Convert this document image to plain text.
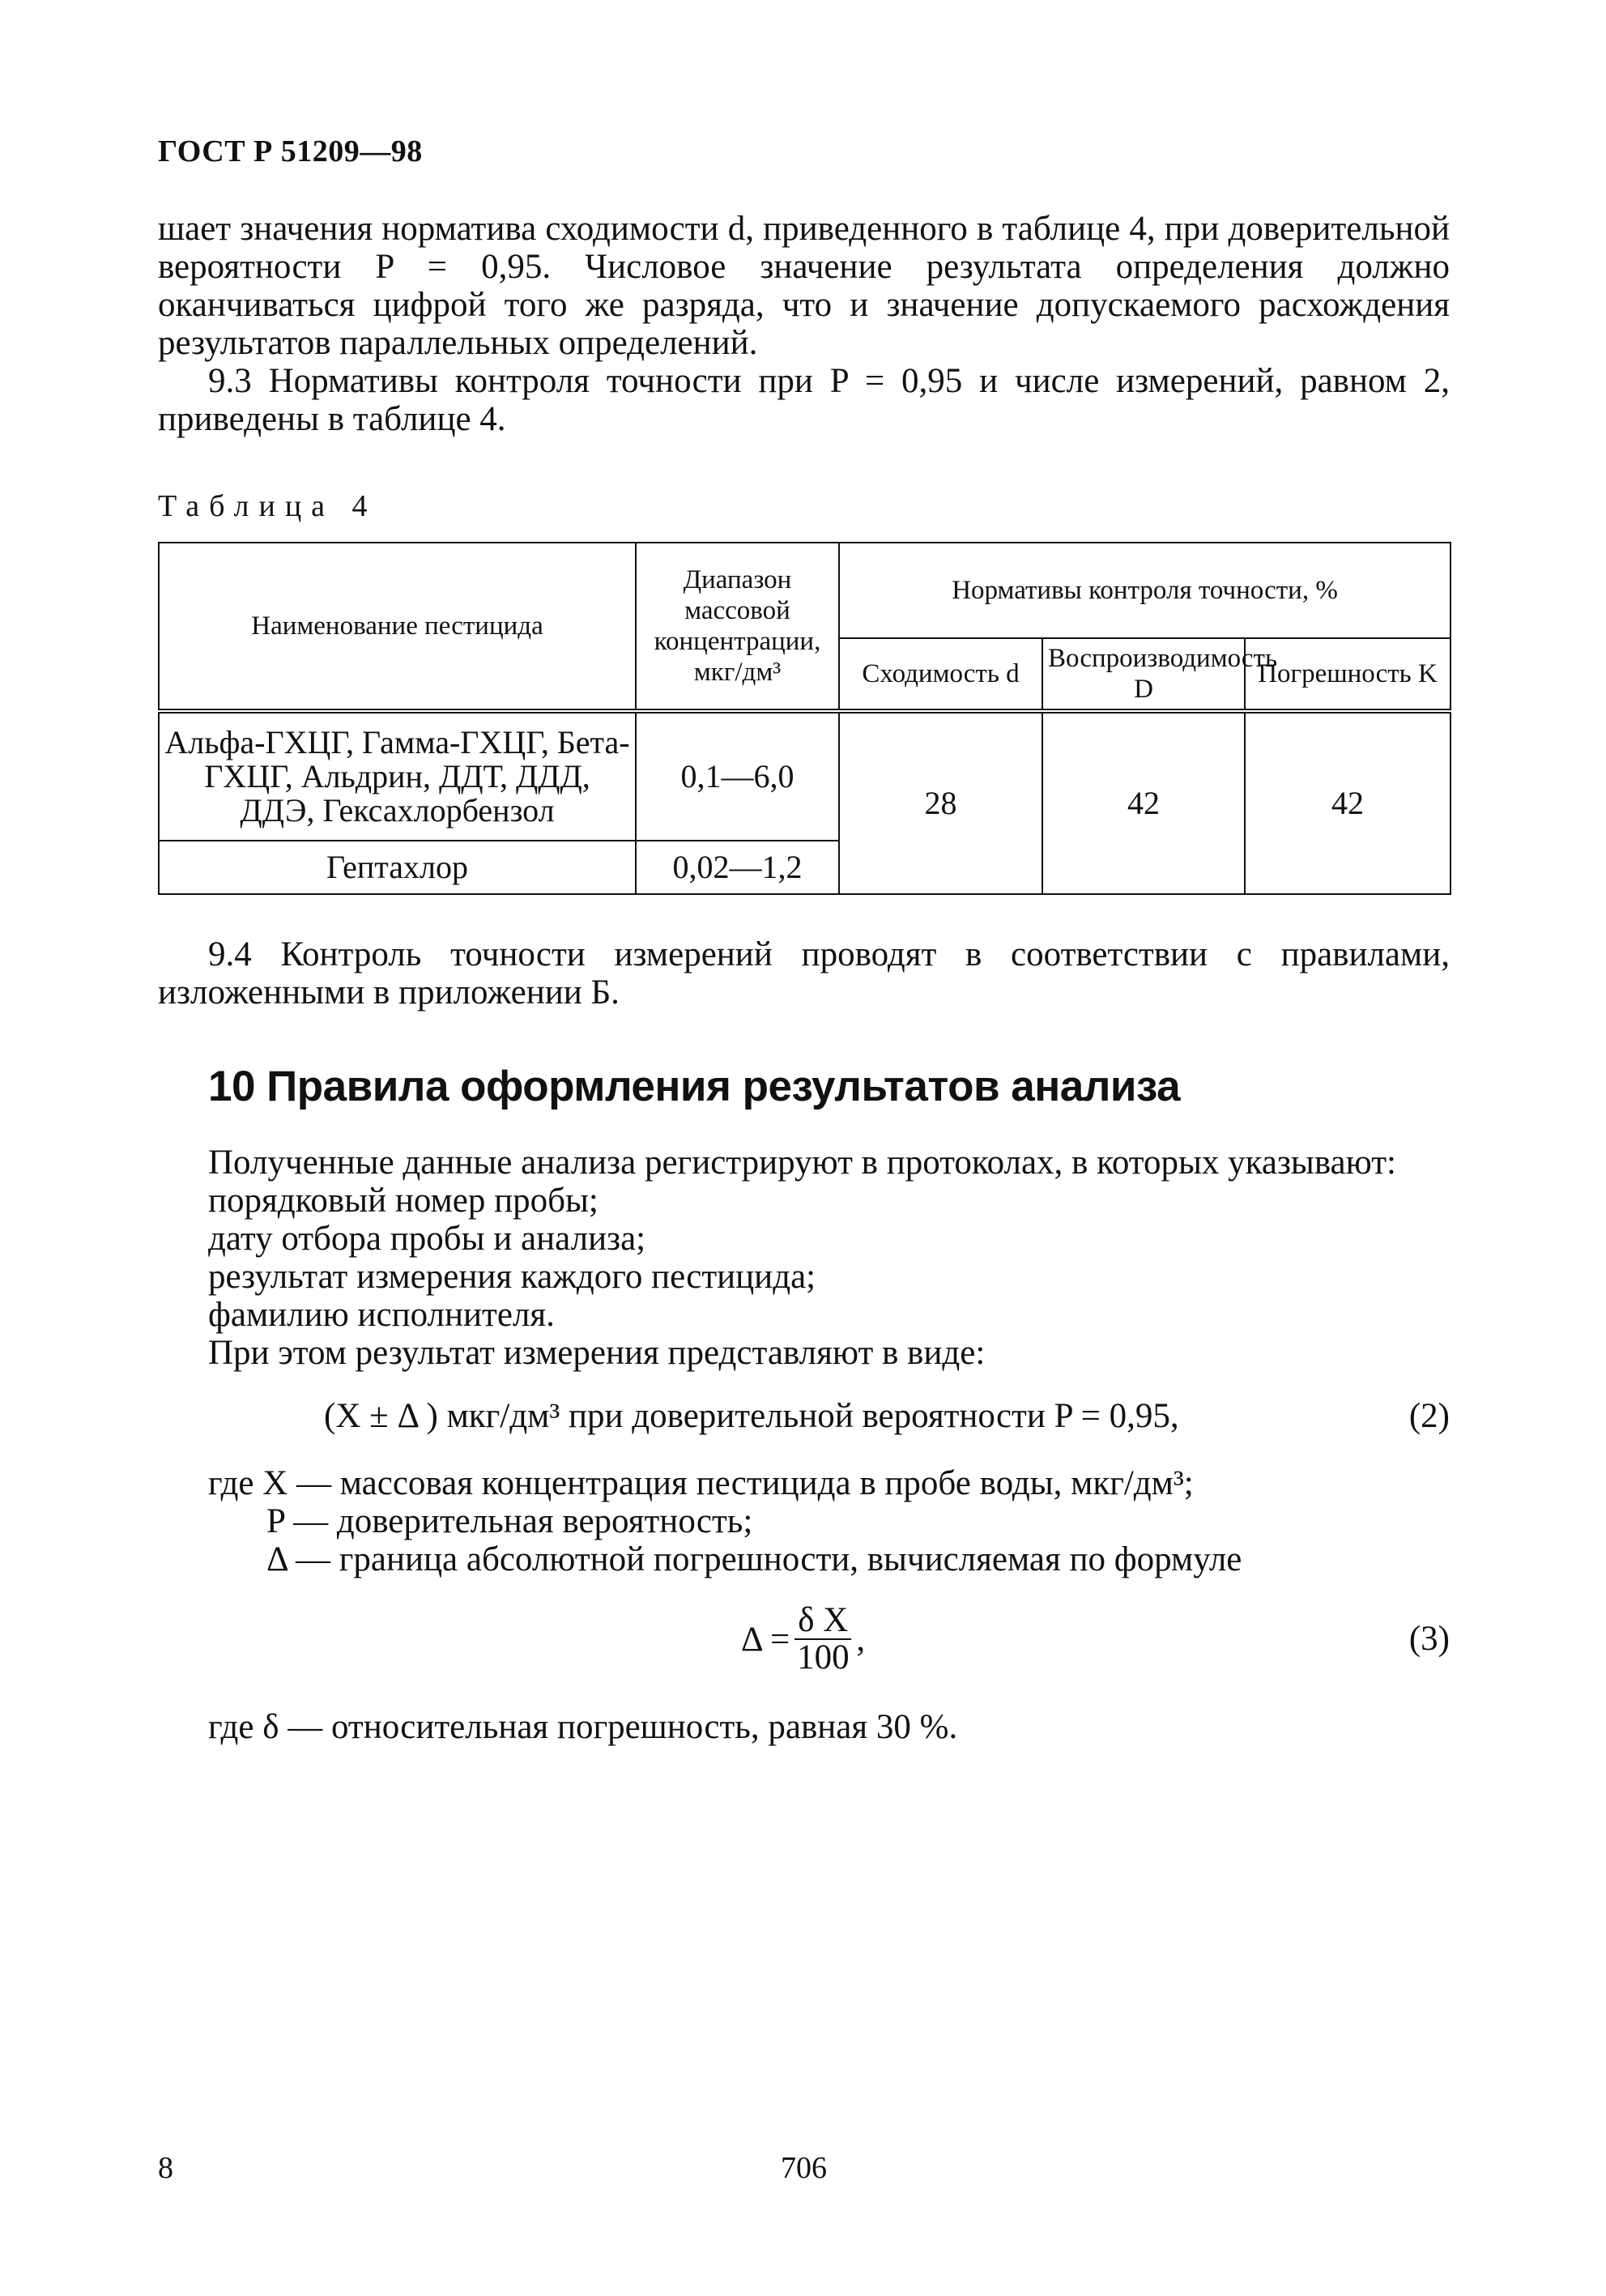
ГОСТ Р 51209—98

шает значения норматива сходимости d, приведенного в таблице 4, при доверительной вероятности P = 0,95. Числовое значение результата определения должно оканчиваться цифрой того же разряда, что и значение допускаемого расхождения результатов параллельных определений.

9.3 Нормативы контроля точности при P = 0,95 и числе измерений, равном 2, приведены в таблице 4.

Таблица 4
Наименование пестицида	Диапазон массовой концентрации, мкг/дм³	Нормативы контроля точности, %		
		Сходимость d	Воспроизводимость D	Погрешность K
Альфа-ГХЦГ, Гамма-ГХЦГ, Бета-ГХЦГ, Альдрин, ДДТ, ДДД, ДДЭ, Гексахлорбензол	0,1—6,0	28	42	42
Гептахлор	0,02—1,2			

9.4 Контроль точности измерений проводят в соответствии с правилами, изложенными в приложении Б.

10 Правила оформления результатов анализа

Полученные данные анализа регистрируют в протоколах, в которых указывают:

порядковый номер пробы;

дату отбора пробы и анализа;

результат измерения каждого пестицида;

фамилию исполнителя.

При этом результат измерения представляют в виде:

(X ± Δ ) мкг/дм³ при доверительной вероятности P = 0,95,	(2)

где X — массовая концентрация пестицида в пробе воды, мкг/дм³;

P — доверительная вероятность;

Δ — граница абсолютной погрешности, вычисляемая по формуле

$\Delta = \frac{\text{δ X}}{100}$ ,	(3)

где δ — относительная погрешность, равная 30 %.

8	706
